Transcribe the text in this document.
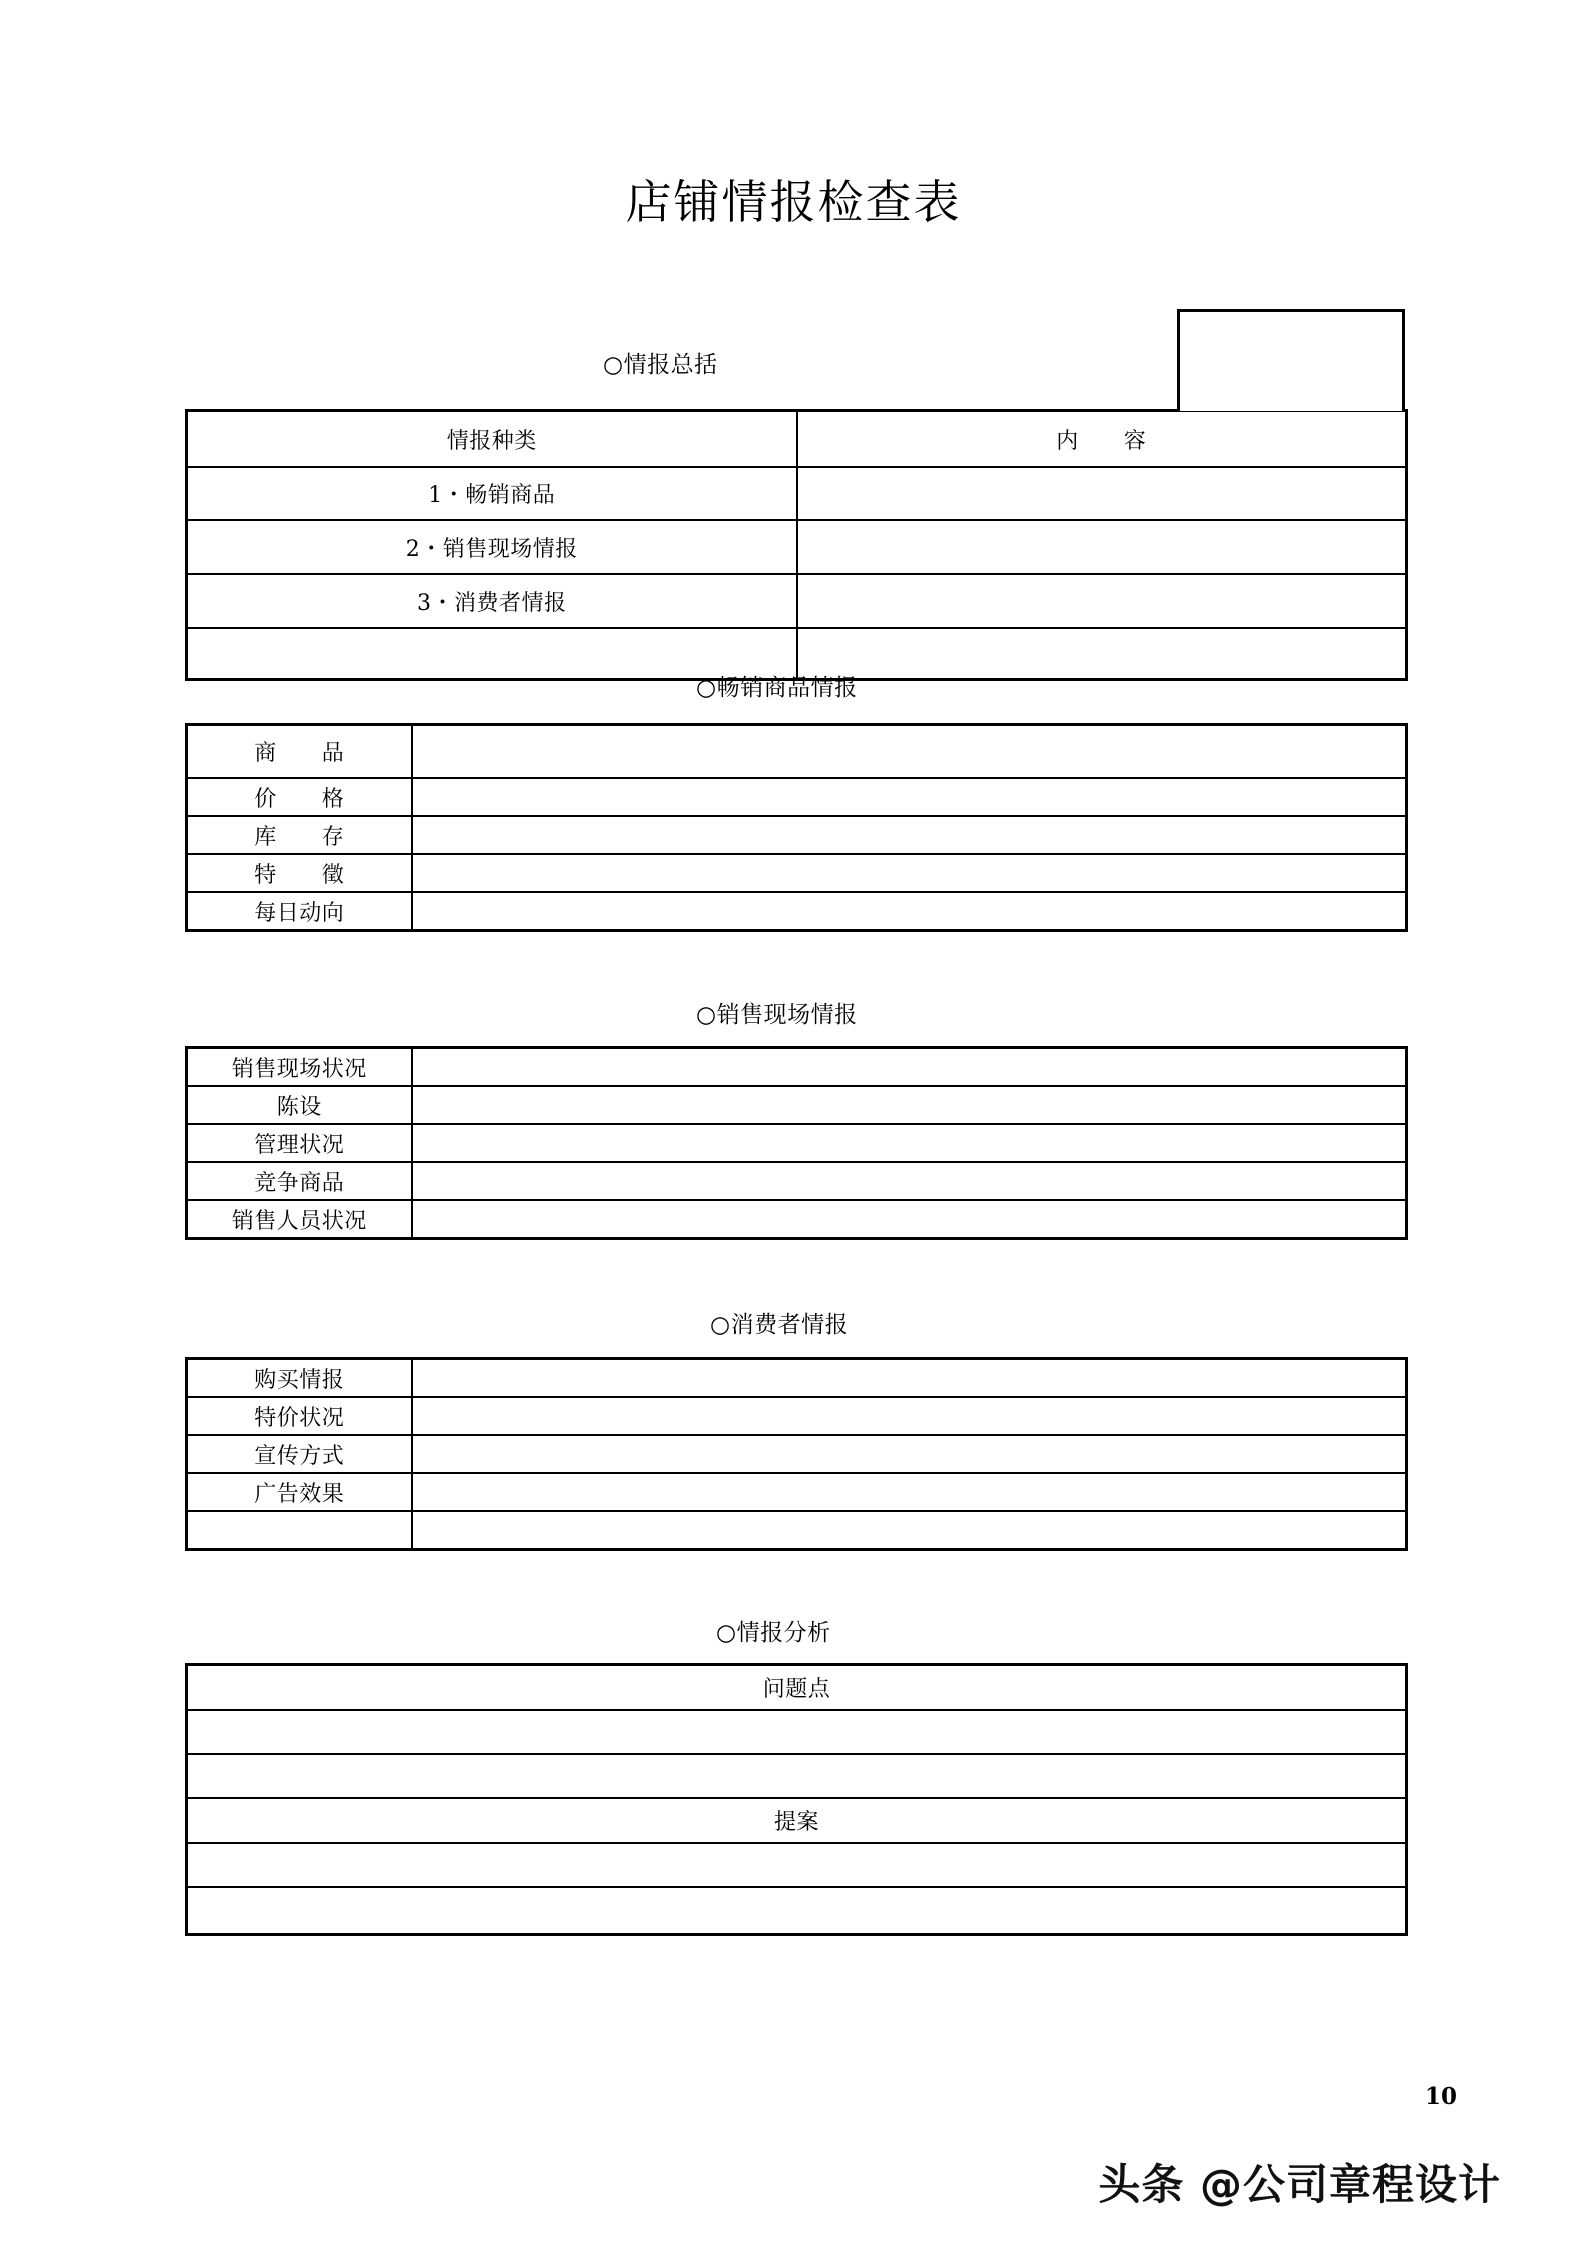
店铺情报检查表
○情报总括
情报种类	内　　容
1・畅销商品	
2・销售现场情报	
3・消费者情报	

○畅销商品情报
商　　品	
价　　格	
库　　存	
特　　徵	
每日动向	
○销售现场情报
销售现场状况	
陈设	
管理状况	
竞争商品	
销售人员状况	
○消费者情报
购买情报	
特价状况	
宣传方式	
广告效果	

○情报分析
问题点

提案

10
头条 @公司章程设计
